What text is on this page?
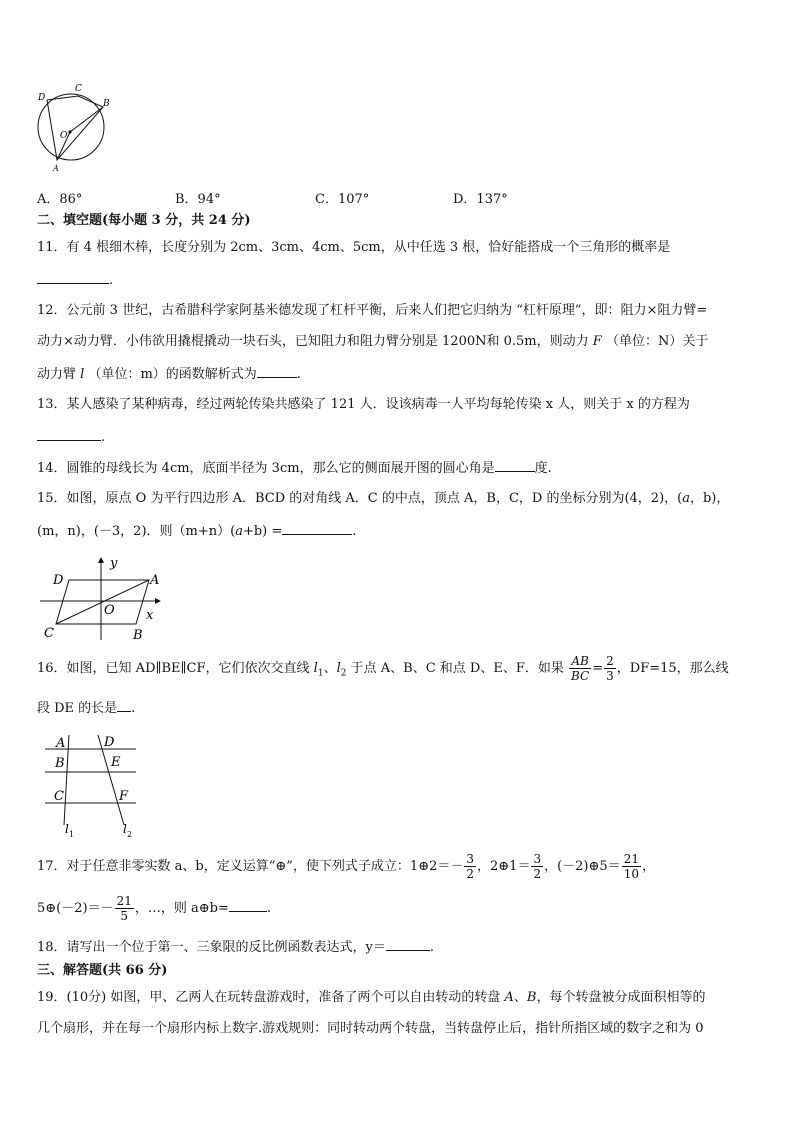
D
C
B
O
A
A．86°	B．94°	C．107°	D．137°
二、填空题(每小题 3 分，共 24 分)
11．有 4 根细木棒，长度分别为 2cm、3cm、4cm、5cm，从中任选 3 根，恰好能搭成一个三角形的概率是
.
12．公元前 3 世纪，古希腊科学家阿基米德发现了杠杆平衡，后来人们把它归纳为 “杠杆原理”，即：阻力×阻力臂=
动力×动力臂．小伟欲用撬棍撬动一块石头，已知阻力和阻力臂分别是 1200N和 0.5m，则动力 F （单位：N）关于
动力臂 l （单位：m）的函数解析式为	.
13．某人感染了某种病毒，经过两轮传染共感染了 121 人．设该病毒一人平均每轮传染 x 人，则关于 x 的方程为
.
14．圆锥的母线长为 4cm，底面半径为 3cm，那么它的侧面展开图的圆心角是	度.
15．如图，原点 O 为平行四边形 A．BCD 的对角线 A．C 的中点，顶点 A，B，C，D 的坐标分别为(4，2)，(a，b)，
(m，n)，(－3，2)．则（m+n）(a+b) =	.
y
D	A
O x
C	B
16．如图，已知 AD∥BE∥CF，它们依次交直线 $l_1$、$l_2$ 于点 A、B、C 和点 D、E、F．如果 $\frac{AB}{BC} = \frac{2}{3}$ ，DF=15，那么线
段 DE 的长是 .
A	D
B	E
C	F
l 1	l 2
17．对于任意非零实数 a、b，定义运算“⊕”，使下列式子成立：1⊕2＝－ $\frac{3}{2}$ ，2⊕1＝ $\frac{3}{2}$ ，(－2)⊕5＝ $\frac{21}{10}$ ，
5⊕(－2)＝－ $\frac{21}{5}$ ，…，则 a⊕b=	.
18．请写出一个位于第一、三象限的反比例函数表达式，y＝	.
三、解答题(共 66 分)
19．(10分) 如图，甲、乙两人在玩转盘游戏时，准备了两个可以自由转动的转盘 A、B，每个转盘被分成面积相等的
几个扇形，并在每一个扇形内标上数字.游戏规则：同时转动两个转盘，当转盘停止后，指针所指区域的数字之和为 0
